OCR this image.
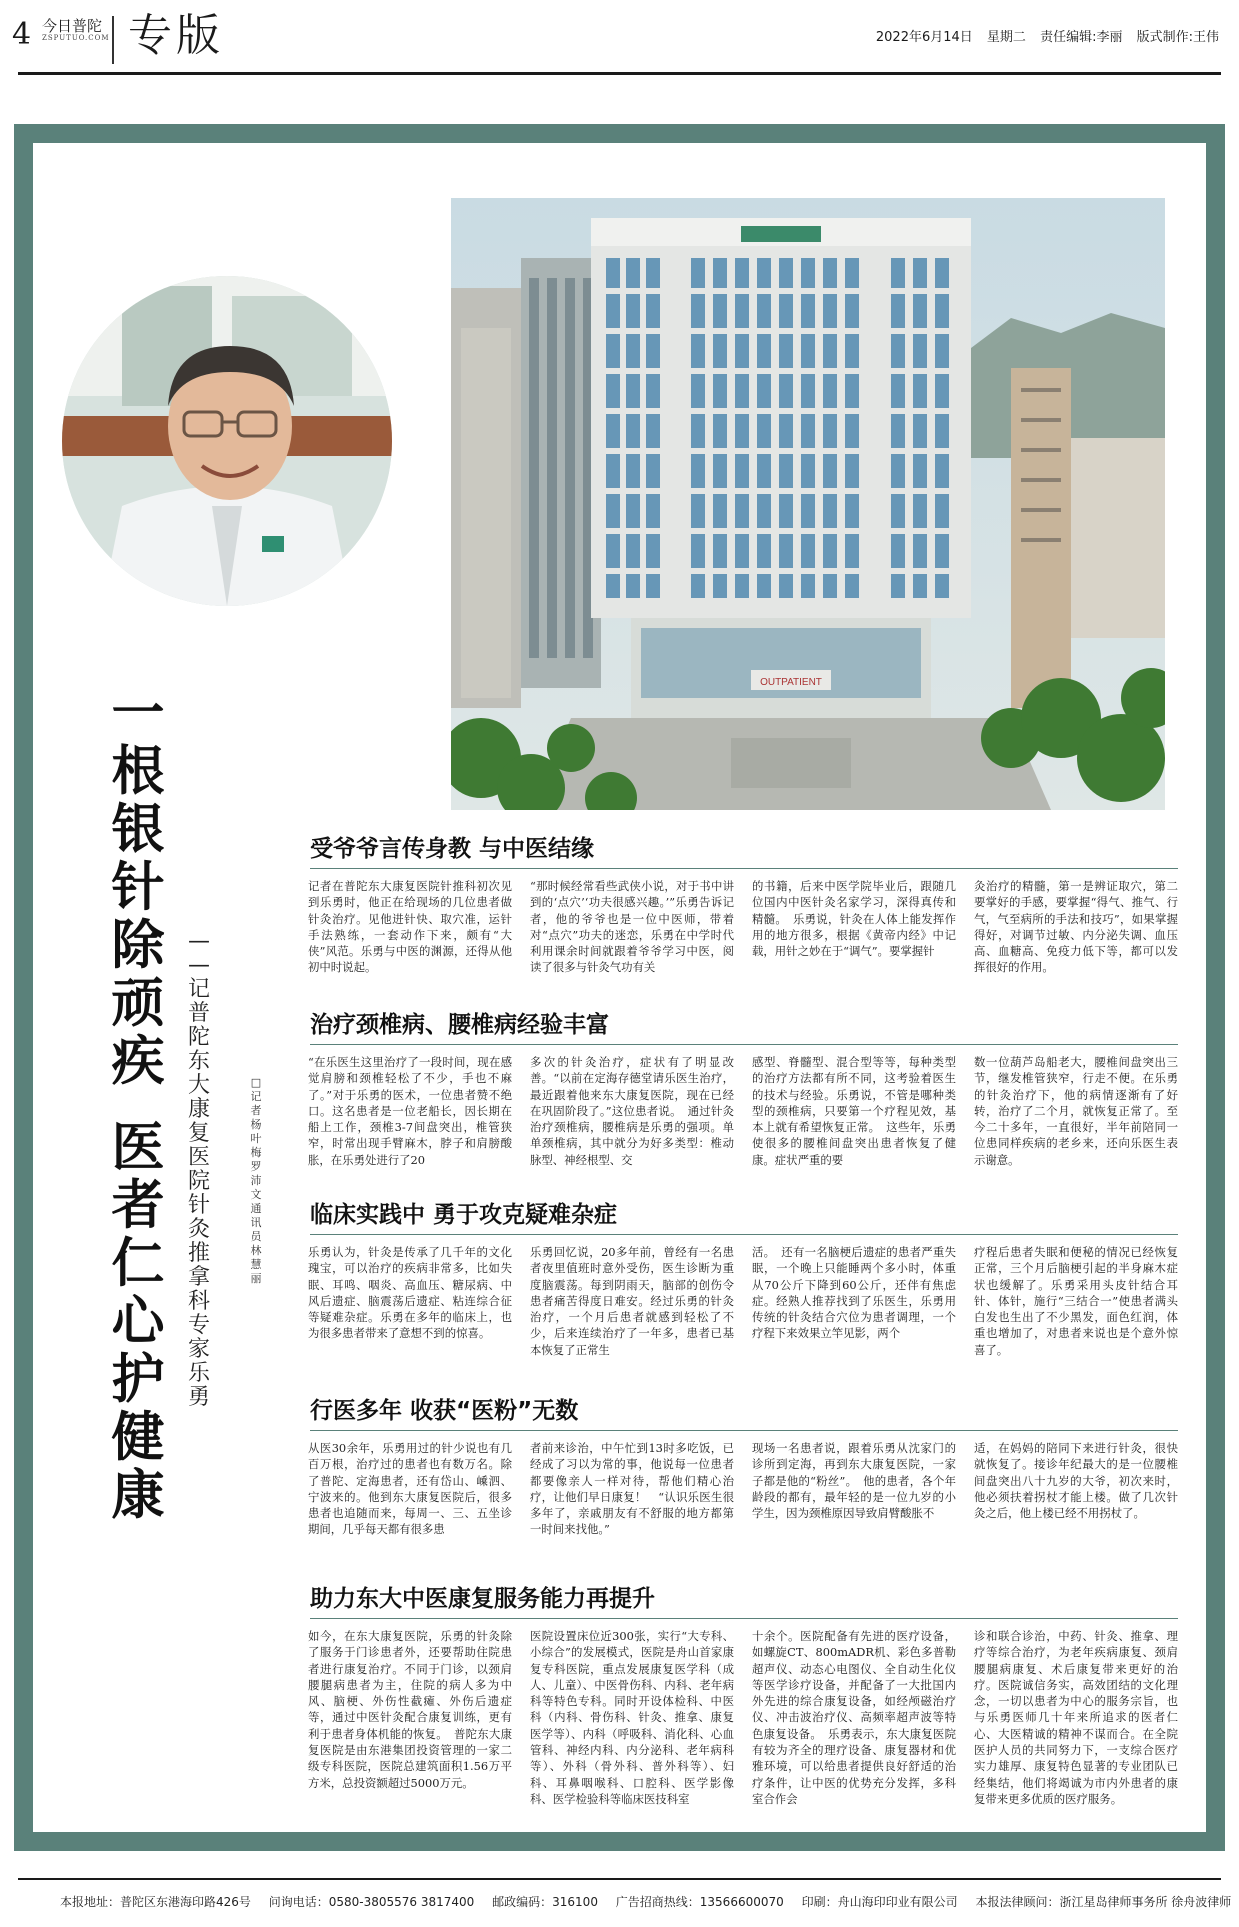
4 今日普陀
ZSPUTUO.COM 专版	2022年6月14日 星期二 责任编辑:李丽 版式制作:王伟
OUTPATIENT
一
根
银
针
除
顽
疾
医
者
仁
心
护
健
康
—
—
记
普
陀
东
大
康
复
医
院
针
灸
推
拿
科
专
家
乐
勇
□
记
者
杨
叶
梅
罗
沛
文
通
讯
员
林
慧
丽
受爷爷言传身教 与中医结缘
记者在普陀东大康复医院针推科初次见到乐勇时，他正在给现场的几位患者做针灸治疗。见他进针快、取穴准，运针手法熟练，一套动作下来，颇有“大侠”风范。乐勇与中医的渊源，还得从他初中时说起。
“那时候经常看些武侠小说，对于书中讲到的‘点穴’‘功夫很感兴趣。’”乐勇告诉记者，他的爷爷也是一位中医师，带着对“点穴”功夫的迷恋，乐勇在中学时代利用课余时间就跟着爷爷学习中医，阅读了很多与针灸气功有关
的书籍，后来中医学院毕业后，跟随几位国内中医针灸名家学习，深得真传和精髓。　乐勇说，针灸在人体上能发挥作用的地方很多，根据《黄帝内经》中记载，用针之妙在于“调气”。要掌握针
灸治疗的精髓，第一是辨证取穴，第二要掌好的手感，要掌握“得气、推气、行气，气至病所的手法和技巧”，如果掌握得好，对调节过敏、内分泌失调、血压高、血糖高、免疫力低下等，都可以发挥很好的作用。
治疗颈椎病、腰椎病经验丰富
“在乐医生这里治疗了一段时间，现在感觉肩膀和颈椎轻松了不少，手也不麻了。”对于乐勇的医术，一位患者赞不绝口。这名患者是一位老船长，因长期在船上工作，颈椎3-7间盘突出，椎管狭窄，时常出现手臂麻木，脖子和肩膀酸胀，在乐勇处进行了20
多次的针灸治疗，症状有了明显改善。“以前在定海存德堂请乐医生治疗，最近跟着他来东大康复医院，现在已经在巩固阶段了。”这位患者说。　通过针灸治疗颈椎病，腰椎病是乐勇的强项。单单颈椎病，其中就分为好多类型：椎动脉型、神经根型、交
感型、脊髓型、混合型等等，每种类型的治疗方法都有所不同，这考验着医生的技术与经验。乐勇说，不管是哪种类型的颈椎病，只要第一个疗程见效，基本上就有希望恢复正常。　这些年，乐勇使很多的腰椎间盘突出患者恢复了健康。症状严重的要
数一位葫芦岛船老大，腰椎间盘突出三节，继发椎管狭窄，行走不便。在乐勇的针灸治疗下，他的病情逐渐有了好转，治疗了二个月，就恢复正常了。至今二十多年，一直很好，半年前陪同一位患同样疾病的老乡来，还向乐医生表示谢意。
临床实践中 勇于攻克疑难杂症
乐勇认为，针灸是传承了几千年的文化瑰宝，可以治疗的疾病非常多，比如失眠、耳鸣、咽炎、高血压、糖尿病、中风后遗症、脑震荡后遗症、粘连综合征等疑难杂症。乐勇在多年的临床上，也为很多患者带来了意想不到的惊喜。
乐勇回忆说，20多年前，曾经有一名患者夜里值班时意外受伤，医生诊断为重度脑震荡。每到阴雨天，脑部的创伤令患者痛苦得度日难安。经过乐勇的针灸治疗，一个月后患者就感到轻松了不少，后来连续治疗了一年多，患者已基本恢复了正常生
活。　还有一名脑梗后遗症的患者严重失眠，一个晚上只能睡两个多小时，体重从70公斤下降到60公斤，还伴有焦虑症。经熟人推荐找到了乐医生，乐勇用传统的针灸结合穴位为患者调理，一个疗程下来效果立竿见影，两个
疗程后患者失眠和便秘的情况已经恢复正常，三个月后脑梗引起的半身麻木症状也缓解了。乐勇采用头皮针结合耳针、体针，施行“三结合一”使患者满头白发也生出了不少黑发，面色红润，体重也增加了，对患者来说也是个意外惊喜了。
行医多年 收获“医粉”无数
从医30余年，乐勇用过的针少说也有几百万根，治疗过的患者也有数万名。除了普陀、定海患者，还有岱山、嵊泗、宁波来的。他到东大康复医院后，很多患者也追随而来，每周一、三、五坐诊期间，几乎每天都有很多患
者前来诊治，中午忙到13时多吃饭，已经成了习以为常的事，他说每一位患者都要像亲人一样对待，帮他们精心治疗，让他们早日康复！　“认识乐医生很多年了，亲戚朋友有不舒服的地方都第一时间来找他。”
现场一名患者说，跟着乐勇从沈家门的诊所到定海，再到东大康复医院，一家子都是他的“粉丝”。　他的患者，各个年龄段的都有，最年轻的是一位九岁的小学生，因为颈椎原因导致肩臂酸胀不
适，在妈妈的陪同下来进行针灸，很快就恢复了。接诊年纪最大的是一位腰椎间盘突出八十九岁的大爷，初次来时，他必须扶着拐杖才能上楼。做了几次针灸之后，他上楼已经不用拐杖了。
助力东大中医康复服务能力再提升
如今，在东大康复医院，乐勇的针灸除了服务于门诊患者外，还要帮助住院患者进行康复治疗。不同于门诊，以颈肩腰腿病患者为主，住院的病人多为中风、脑梗、外伤性截瘫、外伤后遗症等，通过中医针灸配合康复训练，更有利于患者身体机能的恢复。　普陀东大康复医院是由东港集团投资管理的一家二级专科医院，医院总建筑面积1.56万平方米，总投资额超过5000万元。
医院设置床位近300张，实行“大专科、小综合”的发展模式，医院是舟山首家康复专科医院，重点发展康复医学科（成人、儿童）、中医骨伤科、内科、老年病科等特色专科。同时开设体检科、中医科（内科、骨伤科、针灸、推拿、康复医学等）、内科（呼吸科、消化科、心血管科、神经内科、内分泌科、老年病科等）、外科（骨外科、普外科等）、妇科、耳鼻咽喉科、口腔科、医学影像科、医学检验科等临床医技科室
十余个。医院配备有先进的医疗设备，如螺旋CT、800mADR机、彩色多普勒超声仪、动态心电图仪、全自动生化仪等医学诊疗设备，并配备了一大批国内外先进的综合康复设备，如经颅磁治疗仪、冲击波治疗仪、高频率超声波等特色康复设备。　乐勇表示，东大康复医院有较为齐全的理疗设备、康复器材和优雅环境，可以给患者提供良好舒适的治疗条件，让中医的优势充分发挥，多科室合作会
诊和联合诊治，中药、针灸、推拿、理疗等综合治疗，为老年疾病康复、颈肩腰腿病康复、术后康复带来更好的治疗。医院诚信务实，高效团结的文化理念，一切以患者为中心的服务宗旨，也与乐勇医师几十年来所追求的医者仁心、大医精诚的精神不谋而合。在全院医护人员的共同努力下，一支综合医疗实力雄厚、康复特色显著的专业团队已经集结，他们将竭诚为市内外患者的康复带来更多优质的医疗服务。
本报地址：普陀区东港海印路426号 问询电话：0580-3805576 3817400 邮政编码：316100 广告招商热线：13566600070 印刷：舟山海印印业有限公司 本报法律顾问：浙江星岛律师事务所 徐舟波律师
